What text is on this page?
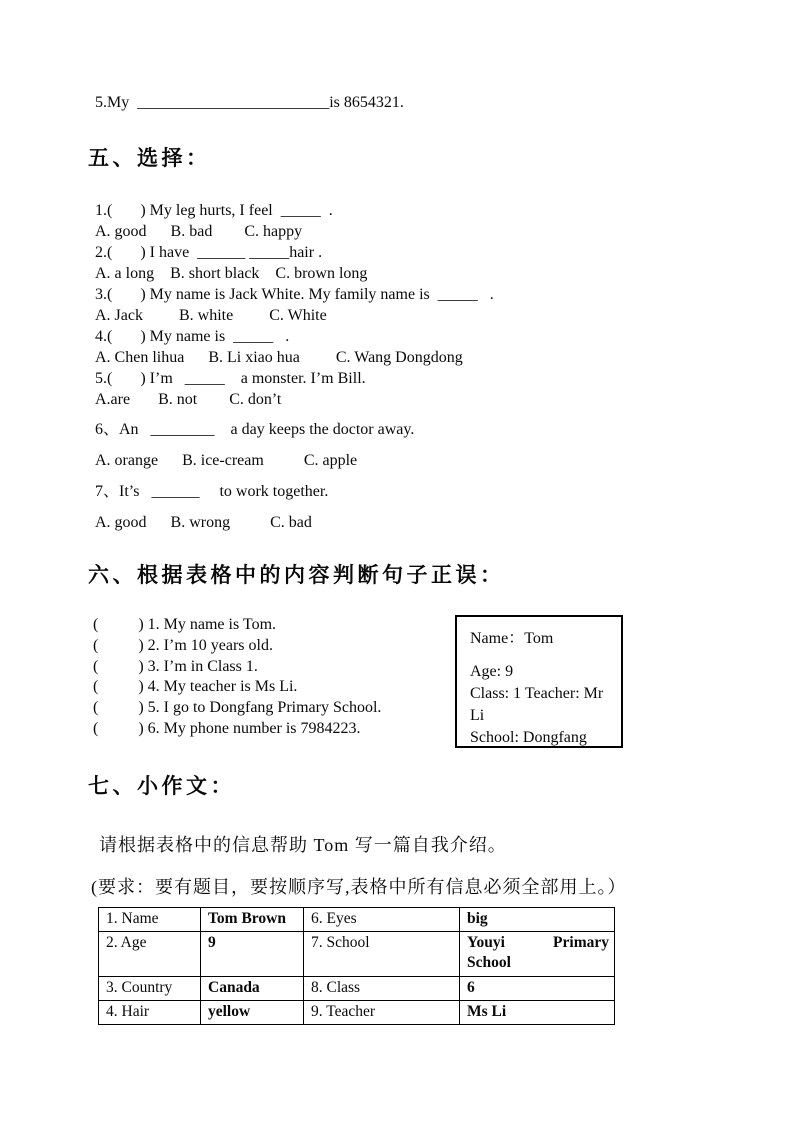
5.My  ________________________is 8654321.
五、选择：
1.(       ) My leg hurts, I feel  _____  .
A. good      B. bad        C. happy
2.(       ) I have  ______ _____hair .
A. a long    B. short black    C. brown long
3.(       ) My name is Jack White. My family name is  _____   .
A. Jack         B. white         C. White
4.(       ) My name is  _____   .
A. Chen lihua      B. Li xiao hua         C. Wang Dongdong
5.(       ) I’m   _____    a monster. I’m Bill.
A.are       B. not        C. don’t
6、An   ________    a day keeps the doctor away.
A. orange      B. ice-cream          C. apple
7、It’s   ______     to work together.
A. good      B. wrong          C. bad
六、根据表格中的内容判断句子正误：
(          ) 1. My name is Tom.
(          ) 2. I’m 10 years old.
(          ) 3. I’m in Class 1.
(          ) 4. My teacher is Ms Li.
(          ) 5. I go to Dongfang Primary School.
(          ) 6. My phone number is 7984223.
Name：Tom
Age: 9
Class: 1 Teacher: Mr Li
School: Dongfang
七、小作文：
请根据表格中的信息帮助 Tom 写一篇自我介绍。
(要求：要有题目，要按顺序写,表格中所有信息必须全部用上。）
1. Name	Tom Brown	6. Eyes	big
2. Age	9	7. School	Youyi Primary School
3. Country	Canada	8. Class	6
4. Hair	yellow	9. Teacher	Ms Li
